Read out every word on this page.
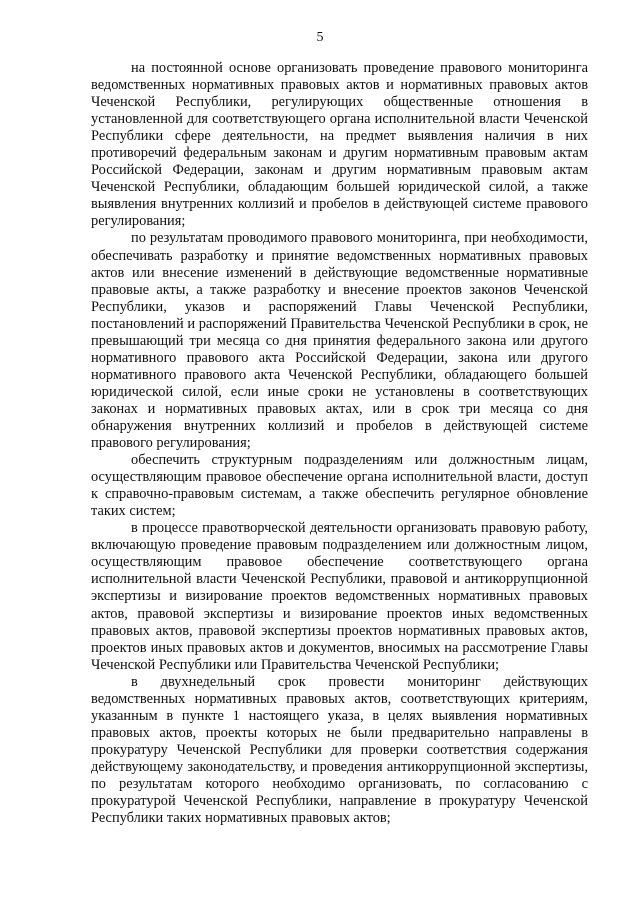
5

на постоянной основе организовать проведение правового мониторинга ведомственных нормативных правовых актов и нормативных правовых актов Чеченской Республики, регулирующих общественные отношения в установленной для соответствующего органа исполнительной власти Чеченской Республики сфере деятельности, на предмет выявления наличия в них противоречий федеральным законам и другим нормативным правовым актам Российской Федерации, законам и другим нормативным правовым актам Чеченской Республики, обладающим большей юридической силой, а также выявления внутренних коллизий и пробелов в действующей системе правового регулирования;

по результатам проводимого правового мониторинга, при необходимости, обеспечивать разработку и принятие ведомственных нормативных правовых актов или внесение изменений в действующие ведомственные нормативные правовые акты, а также разработку и внесение проектов законов Чеченской Республики, указов и распоряжений Главы Чеченской Республики, постановлений и распоряжений Правительства Чеченской Республики в срок, не превышающий три месяца со дня принятия федерального закона или другого нормативного правового акта Российской Федерации, закона или другого нормативного правового акта Чеченской Республики, обладающего большей юридической силой, если иные сроки не установлены в соответствующих законах и нормативных правовых актах, или в срок три месяца со дня обнаружения внутренних коллизий и пробелов в действующей системе правового регулирования;

обеспечить структурным подразделениям или должностным лицам, осуществляющим правовое обеспечение органа исполнительной власти, доступ к справочно-правовым системам, а также обеспечить регулярное обновление таких систем;

в процессе правотворческой деятельности организовать правовую работу, включающую проведение правовым подразделением или должностным лицом, осуществляющим правовое обеспечение соответствующего органа исполнительной власти Чеченской Республики, правовой и антикоррупционной экспертизы и визирование проектов ведомственных нормативных правовых актов, правовой экспертизы и визирование проектов иных ведомственных правовых актов, правовой экспертизы проектов нормативных правовых актов, проектов иных правовых актов и документов, вносимых на рассмотрение Главы Чеченской Республики или Правительства Чеченской Республики;

в двухнедельный срок провести мониторинг действующих ведомственных нормативных правовых актов, соответствующих критериям, указанным в пункте 1 настоящего указа, в целях выявления нормативных правовых актов, проекты которых не были предварительно направлены в прокуратуру Чеченской Республики для проверки соответствия содержания действующему законодательству, и проведения антикоррупционной экспертизы, по результатам которого необходимо организовать, по согласованию с прокуратурой Чеченской Республики, направление в прокуратуру Чеченской Республики таких нормативных правовых актов;
